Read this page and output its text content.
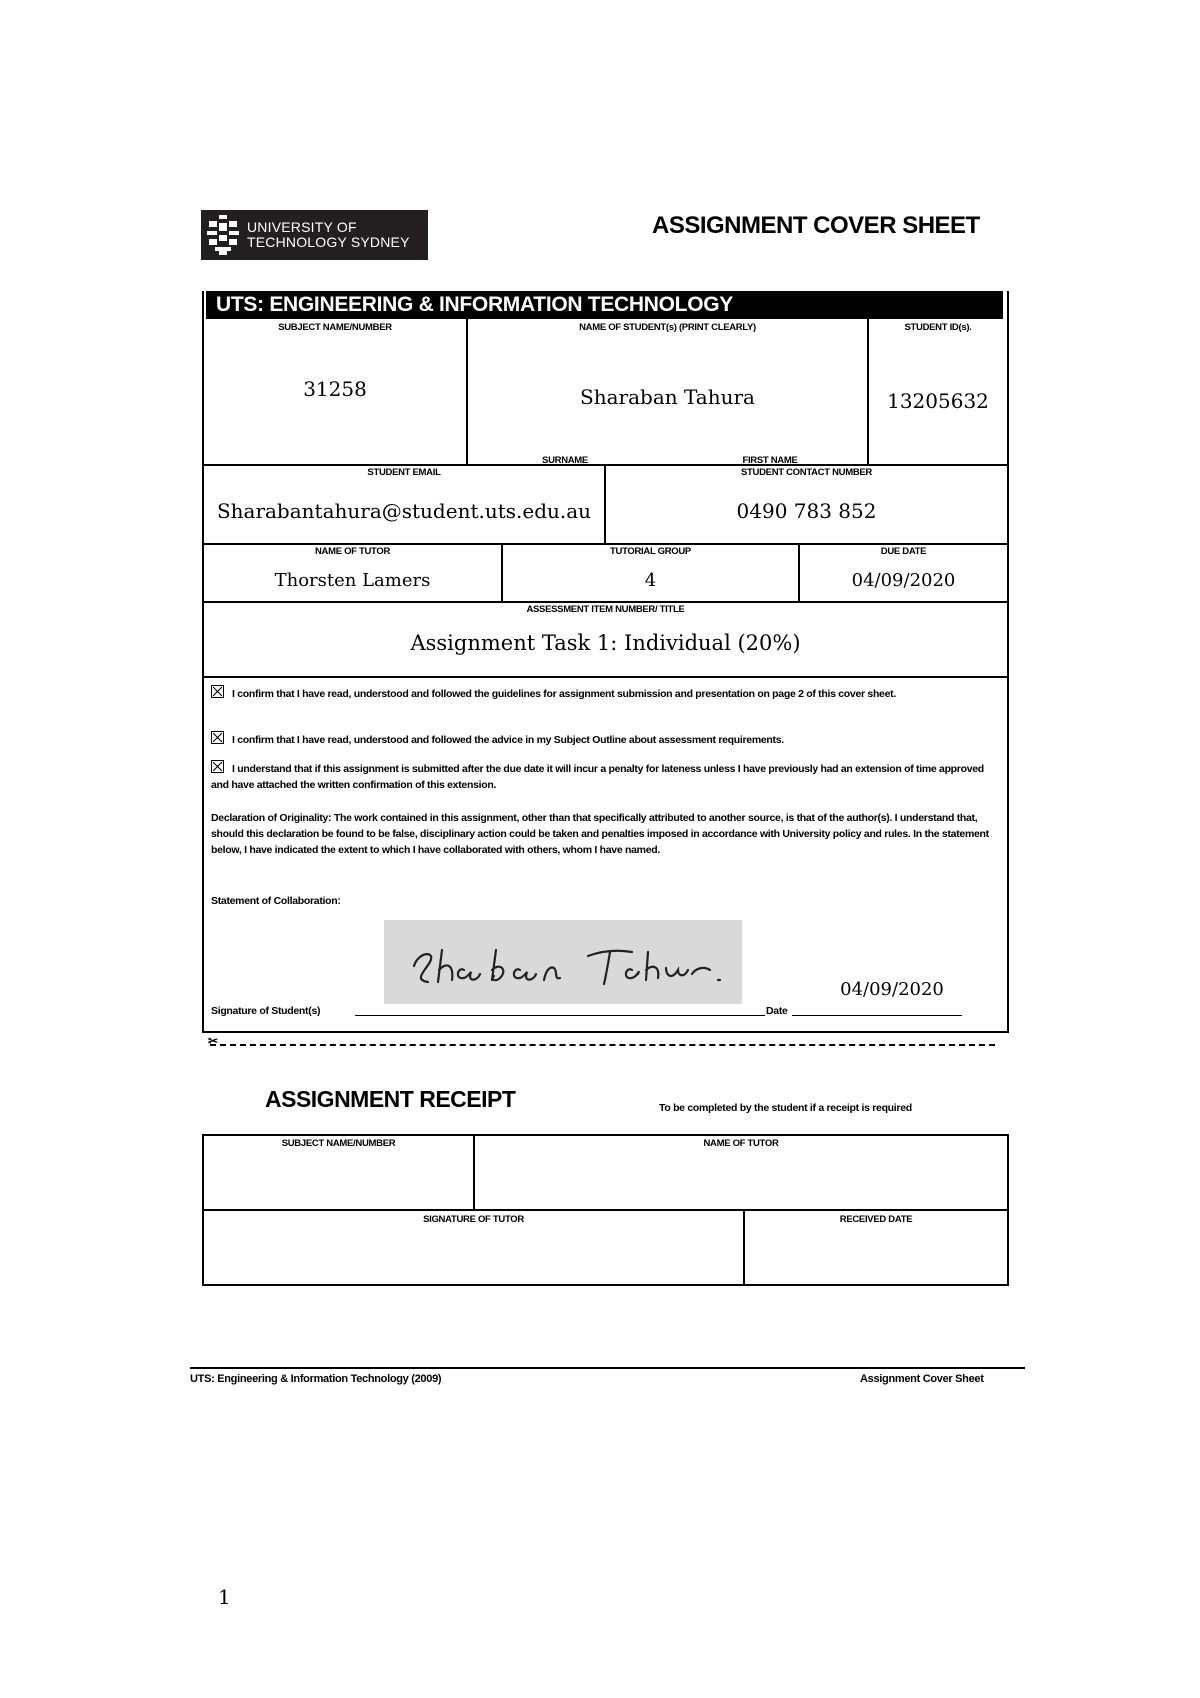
UNIVERSITY OF
TECHNOLOGY SYDNEY
ASSIGNMENT COVER SHEET
UTS: ENGINEERING & INFORMATION TECHNOLOGY
SUBJECT NAME/NUMBER	NAME OF STUDENT(s) (PRINT CLEARLY)	STUDENT ID(s).
31258	Sharaban Tahura	13205632
SURNAME	FIRST NAME
STUDENT EMAIL	STUDENT CONTACT NUMBER
Sharabantahura@student.uts.edu.au	0490 783 852
NAME OF TUTOR	TUTORIAL GROUP	DUE DATE
Thorsten Lamers	4	04/09/2020
ASSESSMENT ITEM NUMBER/ TITLE
Assignment Task 1: Individual (20%)
I confirm that I have read, understood and followed the guidelines for assignment submission and presentation on page 2 of this cover sheet.
I confirm that I have read, understood and followed the advice in my Subject Outline about assessment requirements.
I understand that if this assignment is submitted after the due date it will incur a penalty for lateness unless I have previously had an extension of time approved and have attached the written confirmation of this extension.
Declaration of Originality: The work contained in this assignment, other than that specifically attributed to another source, is that of the author(s). I understand that, should this declaration be found to be false, disciplinary action could be taken and penalties imposed in accordance with University policy and rules. In the statement below, I have indicated the extent to which I have collaborated with others, whom I have named.
Statement of Collaboration:
04/09/2020
Signature of Student(s)	Date
✂
ASSIGNMENT RECEIPT	To be completed by the student if a receipt is required
SUBJECT NAME/NUMBER	NAME OF TUTOR
SIGNATURE OF TUTOR	RECEIVED DATE
UTS: Engineering & Information Technology (2009)	Assignment Cover Sheet
1
